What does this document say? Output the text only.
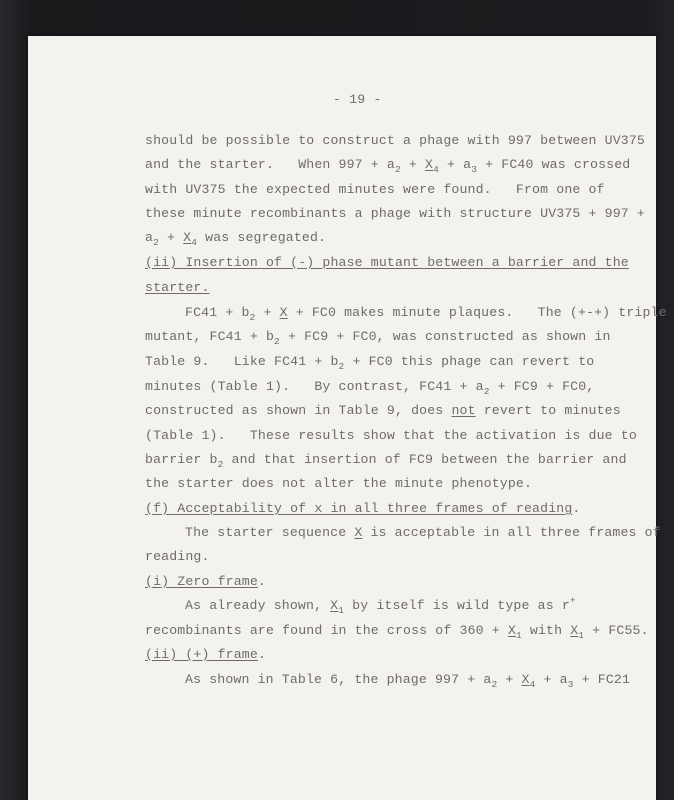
- 19 -
should be possible to construct a phage with 997 between UV375
and the starter.   When $997 + a_2 + X_4 + a_3 + FC40$ was crossed
with UV375 the expected minutes were found.   From one of
these minute recombinants a phage with structure UV375 + 997 +
$a_2 + X_4$ was segregated.
(ii) Insertion of (-) phase mutant between a barrier and the
starter.
$FC41 + b_2 + X + FC0$ makes minute plaques.   The (+-+) triple
mutant, $FC41 + b_2 + FC9 + FC0$, was constructed as shown in
Table 9.   Like $FC41 + b_2 + FC0$ this phage can revert to
minutes (Table 1).   By contrast, $FC41 + a_2 + FC9 + FC0$,
constructed as shown in Table 9, does not revert to minutes
(Table 1).   These results show that the activation is due to
barrier $b_2$ and that insertion of FC9 between the barrier and
the starter does not alter the minute phenotype.
(f) Acceptability of x in all three frames of reading.
The starter sequence X is acceptable in all three frames of
reading.
(i) Zero frame.
As already shown, $X_1$ by itself is wild type as r+
recombinants are found in the cross of $360 + X_1$ with $X_1 + FC55$.
(ii) (+) frame.
As shown in Table 6, the phage $997 + a_2 + X_4 + a_3 + FC21$
